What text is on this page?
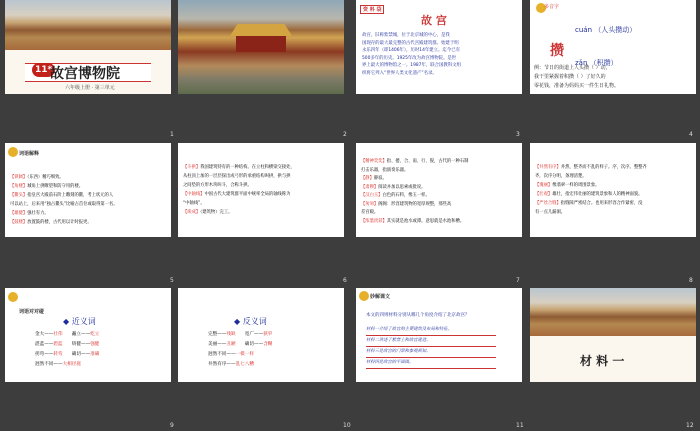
11*
故宫博物院
六年级上册 · 第三单元
1	2
资 料 袋
故 宫
故宫，旧称紫禁城，位于北京城的中心，是我
国现存的最大最完整的古代宫殿建筑群。始建于明
永乐四年（即1406年），历时14年建立。迄今已有
500多年的历史。1925年改为故宫博物院。是世
界上最大的博物馆之一。1987年，联合国教科文组
织将它列入“世界人类文化遗产”名录。
3
多音字
攒
cuán （人头攒动）
zǎn （积攒）
例：节日的街道上人头攒（ ）动，
我干里紧握着积攒（ ）了好久的
零花钱，准备为妈妈买一件生日礼物。
4
词语解释
【锁阔】（东西）精巧细致。
【角楼】城角上供瞭望和防守用的楼。
【鳌头】指皇宫大殿前石阶上雕刻的鳌，考上状元的人
可以站上，后来用“独占鳌头”比喻占首位或取得第一名。
【雄健】强壮有力。
【鼓楼】放置鼓的楼，古代用以计时报更。
5
【斗拱】我国建筑特有的一种结构。在立柱和横梁交接处，
从柱顶上加的一层层探出成弓形的承重结构叫拱，拱与拱
之间垫的方形木块叫斗，合称斗拱。
【中轴线】中国古代大建筑群平面中统率全局的轴线称为
“中轴线”。
【竣成】（建筑物）完工。
6
【精神奕奕】指、搂、合、南、行、猊，古代的一种石制
打击乐器，指演奏乐器。
【静】静寂。
【肃穆】阅读并加以思索或批说。
【汉白玉】白色的石料，像玉一样。
【匆匆】阁阁：形容建筑物的宽厚规整，那些高
差宫殿。
【浓墨淡彩】其实就是池水或潭。意思就是水池和槽。
7
【井然有序】井然，整齐而不乱的样子。序，次序。整整齐
齐，次序分明，条理清楚。
【瑰丽】像翡翠一样的周围景象。
【壮观】雄壮，指宏伟壮丽的建筑景象和人的精神面貌。
【严丝合缝】指缝隙严密结合。也用来形容合作紧密，没
有一点儿漏洞。
8
词语对对碰
◆ 近义词
金大——壮伟　　 矗立——屹立
湛蓝——碧蓝　　 矫健——强健
拐弯——转弯　　 确切——准确
迥然不同——大相径庭
9
◆ 反义词
完整——残缺　　 宽广——狭窄
美丽——丑陋　　 确切——含糊
迥然不同——一模一样
井然有序——乱七八糟
10
妙解课文
本文的四则材料分别从哪几个角度介绍了北京故宫？
材料一介绍了故宫的主要建筑及布局和特征。
材料二讲述了紫禁上和故宫建造。
材料三是故宫的门票和参观须知。
材料四是故宫的平面图。
11
材 料 一
12
